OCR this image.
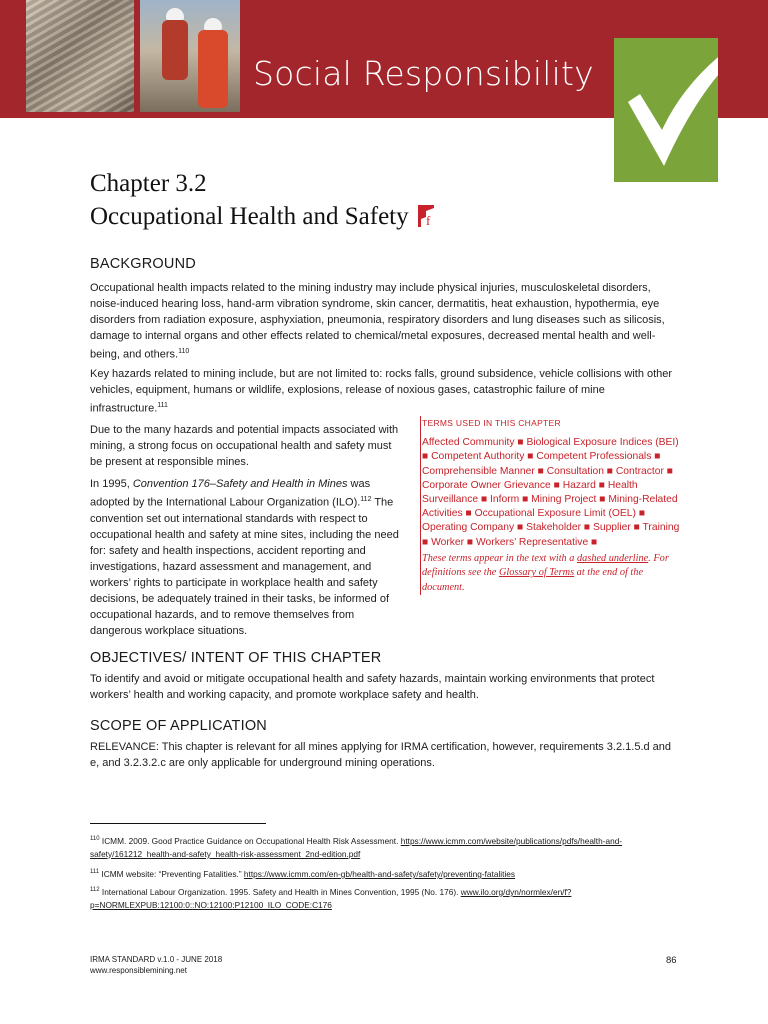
Social Responsibility
Chapter 3.2
Occupational Health and Safety f
BACKGROUND
Occupational health impacts related to the mining industry may include physical injuries, musculoskeletal disorders, noise-induced hearing loss, hand-arm vibration syndrome, skin cancer, dermatitis, heat exhaustion, hypothermia, eye disorders from radiation exposure, asphyxiation, pneumonia, respiratory disorders and lung diseases such as silicosis, damage to internal organs and other effects related to chemical/metal exposures, decreased mental health and well-being, and others.$^{110}$
Key hazards related to mining include, but are not limited to: rocks falls, ground subsidence, vehicle collisions with other vehicles, equipment, humans or wildlife, explosions, release of noxious gases, catastrophic failure of mine infrastructure.$^{111}$
Due to the many hazards and potential impacts associated with mining, a strong focus on occupational health and safety must be present at responsible mines.
In 1995, Convention 176–Safety and Health in Mines was adopted by the International Labour Organization (ILO).$^{112}$ The convention set out international standards with respect to occupational health and safety at mine sites, including the need for: safety and health inspections, accident reporting and investigations, hazard assessment and management, and workers’ rights to participate in workplace health and safety decisions, be adequately trained in their tasks, be informed of occupational hazards, and to remove themselves from dangerous workplace situations.
TERMS USED IN THIS CHAPTER
Affected Community ■ Biological Exposure Indices (BEI) ■ Competent Authority ■ Competent Professionals ■ Comprehensible Manner ■ Consultation ■ Contractor ■ Corporate Owner Grievance ■ Hazard ■ Health Surveillance ■ Inform ■ Mining Project ■ Mining-Related Activities ■ Occupational Exposure Limit (OEL) ■ Operating Company ■ Stakeholder ■ Supplier ■ Training ■ Worker ■ Workers’ Representative ■
These terms appear in the text with a dashed underline. For definitions see the Glossary of Terms at the end of the document.
OBJECTIVES/ INTENT OF THIS CHAPTER
To identify and avoid or mitigate occupational health and safety hazards, maintain working environments that protect workers’ health and working capacity, and promote workplace safety and health.
SCOPE OF APPLICATION
RELEVANCE: This chapter is relevant for all mines applying for IRMA certification, however, requirements 3.2.1.5.d and e, and 3.2.3.2.c are only applicable for underground mining operations.
$^{110}$ ICMM. 2009. Good Practice Guidance on Occupational Health Risk Assessment. https://www.icmm.com/website/publications/pdfs/health-and-safety/161212_health-and-safety_health-risk-assessment_2nd-edition.pdf
$^{111}$ ICMM website: “Preventing Fatalities.” https://www.icmm.com/en-gb/health-and-safety/safety/preventing-fatalities
$^{112}$ International Labour Organization. 1995. Safety and Health in Mines Convention, 1995 (No. 176). www.ilo.org/dyn/normlex/en/f?p=NORMLEXPUB:12100:0::NO:12100:P12100_ILO_CODE:C176
IRMA STANDARD v.1.0 - JUNE 2018
www.responsiblemining.net
86
